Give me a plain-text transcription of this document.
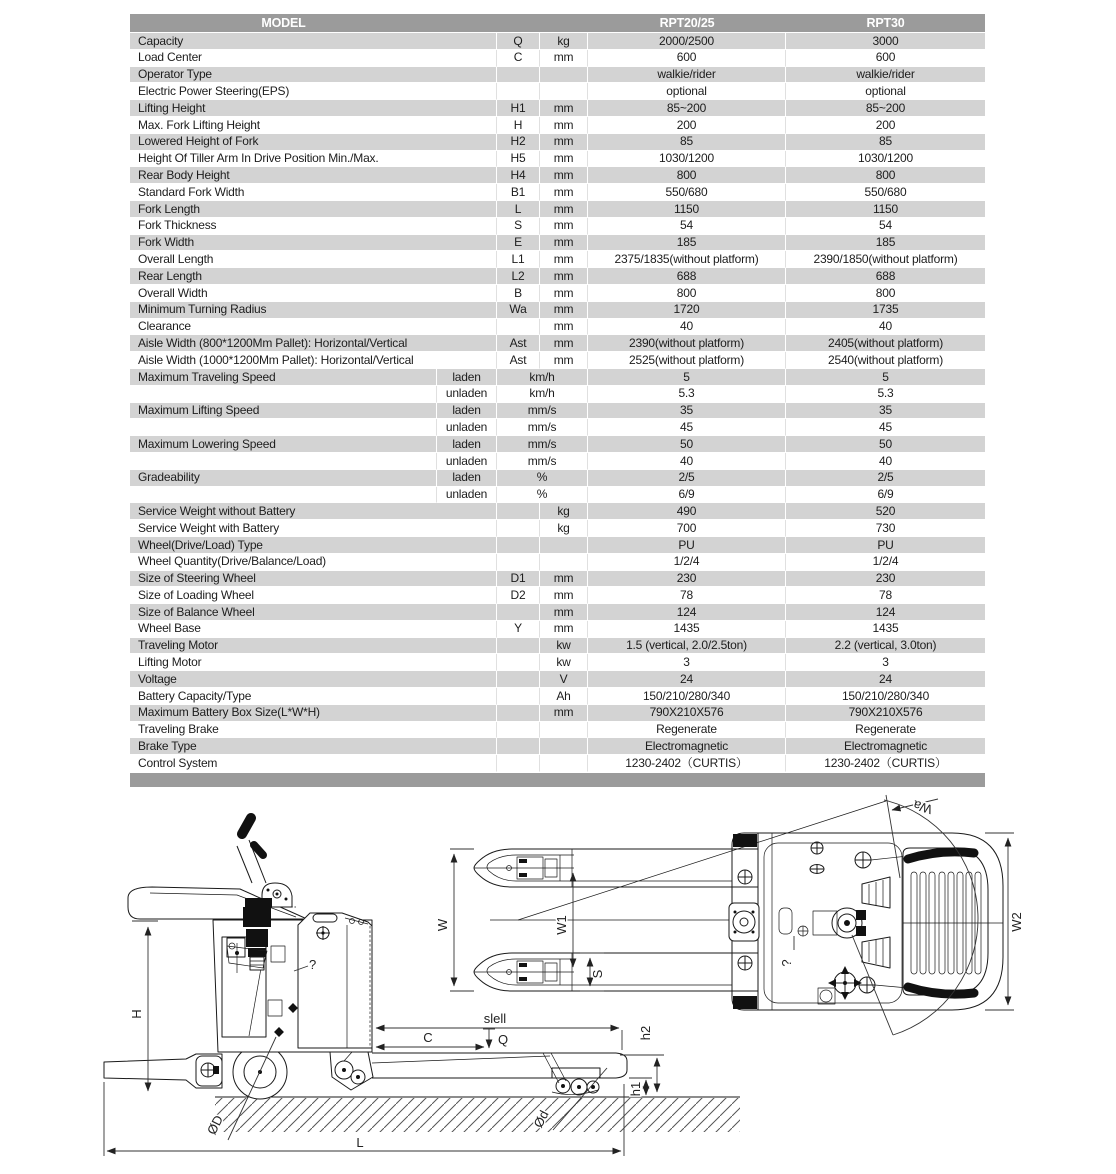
MODEL				RPT20/25	RPT30
Capacity		Q	kg	2000/2500	3000
Load Center		C	mm	600	600
Operator Type				walkie/rider	walkie/rider
Electric Power Steering(EPS)				optional	optional
Lifting Height		H1	mm	85~200	85~200
Max. Fork Lifting Height		H	mm	200	200
Lowered Height of Fork		H2	mm	85	85
Height Of Tiller Arm In Drive Position Min./Max.		H5	mm	1030/1200	1030/1200
Rear Body Height		H4	mm	800	800
Standard Fork Width		B1	mm	550/680	550/680
Fork Length		L	mm	1150	1150
Fork Thickness		S	mm	54	54
Fork Width		E	mm	185	185
Overall Length		L1	mm	2375/1835(without platform)	2390/1850(without platform)
Rear Length		L2	mm	688	688
Overall Width		B	mm	800	800
Minimum Turning Radius		Wa	mm	1720	1735
Clearance			mm	40	40
Aisle Width (800*1200Mm Pallet): Horizontal/Vertical		Ast	mm	2390(without platform)	2405(without platform)
Aisle Width (1000*1200Mm Pallet): Horizontal/Vertical		Ast	mm	2525(without platform)	2540(without platform)
Maximum Traveling Speed	laden	km/h		5	5
	unladen	km/h		5.3	5.3
Maximum Lifting Speed	laden	mm/s		35	35
	unladen	mm/s		45	45
Maximum Lowering Speed	laden	mm/s		50	50
	unladen	mm/s		40	40
Gradeability	laden	%		2/5	2/5
	unladen	%		6/9	6/9
Service Weight without Battery			kg	490	520
Service Weight with Battery			kg	700	730
Wheel(Drive/Load) Type				PU	PU
Wheel Quantity(Drive/Balance/Load)				1/2/4	1/2/4
Size of Steering Wheel		D1	mm	230	230
Size of Loading Wheel		D2	mm	78	78
Size of Balance Wheel			mm	124	124
Wheel Base		Y	mm	1435	1435
Traveling Motor			kw	1.5 (vertical, 2.0/2.5ton)	2.2 (vertical, 3.0ton)
Lifting Motor			kw	3	3
Voltage			V	24	24
Battery Capacity/Type			Ah	150/210/280/340	150/210/280/340
Maximum Battery Box Size(L*W*H)			mm	790X210X576	790X210X576
Traveling Brake				Regenerate	Regenerate
Brake Type				Electromagnetic	Electromagnetic
Control System				1230-2402（CURTIS）	1230-2402（CURTIS）
H
L
slell
C	Q	h2
h1
ØD	Ød
?	?
Wa
W	W1
S
W2
